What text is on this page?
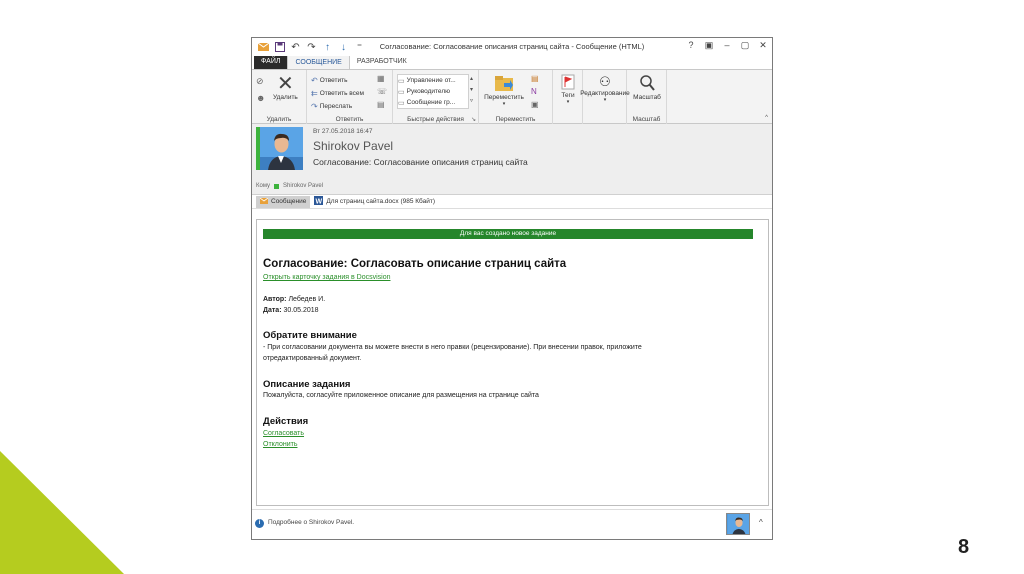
8
↶ ↷ ↑	↓	⁼	Согласование: Согласование описания страниц сайта - Сообщение (HTML)	? ▣ – ▢ ✕
ФАЙЛ	СООБЩЕНИЕ	РАЗРАБОТЧИК
⊘
☻
✕
Удалить
Удалить
↶ Ответить
⇇ Ответить всем
↷ Переслать
▦
☏
▤
Ответить
▭ Управление от...
▭ Руководителю
▭ Сообщение гр...
▴
▾
▿
Быстрые действия	↘
Переместить
▾
▤
N
▣
Переместить
Теги
▾
⚇
Редактирование
▾	Масштаб
Масштаб	^
Вт 27.05.2018 16:47
Shirokov Pavel
Согласование: Согласование описания страниц сайта
Кому Shirokov Pavel
Сообщение W Для страниц сайта.docx (985 Кбайт)
Для вас создано новое задание
Согласование: Согласовать описание страниц сайта
Открыть карточку задания в Docsvision
Автор: Лебедев И.
Дата: 30.05.2018
Обратите внимание
- При согласовании документа вы можете внести в него правки (рецензирование). При внесении правок, приложите
отредактированный документ.
Описание задания
Пожалуйста, согласуйте приложенное описание для размещения на странице сайта
Действия
Согласовать
Отклонить
i	Подробнее о Shirokov Pavel.	^
